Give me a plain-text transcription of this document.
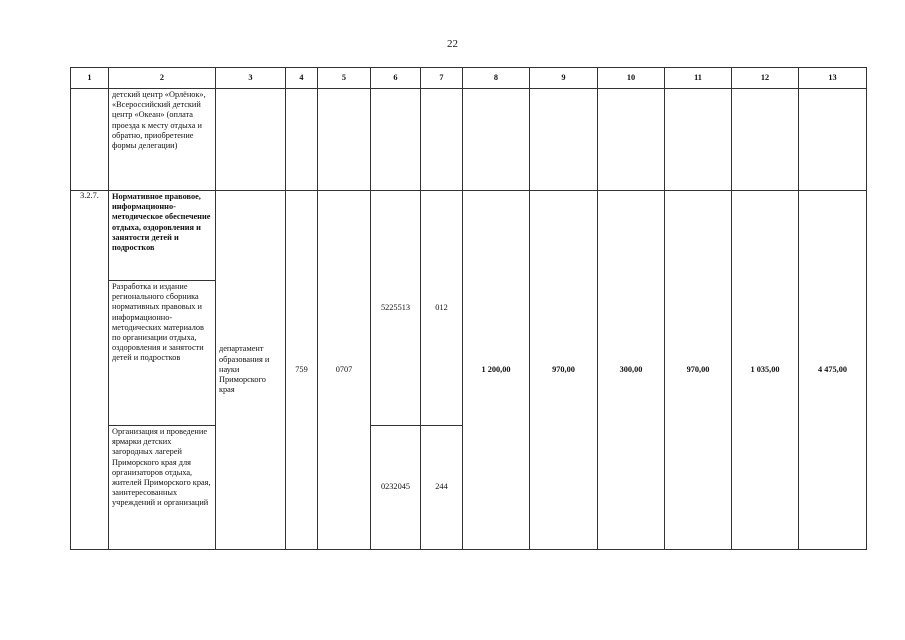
22
1	2	3	4	5	6	7	8	9	10	11	12	13
	детский центр «Орлёнок», «Всероссийский детский центр «Океан» (оплата проезда к месту отдыха и обратно, приобретение формы делегации)											
3.2.7.	Нормативное правовое, информационно-методическое обеспечение отдыха, оздоровления и занятости детей и подростков	департамент образования и науки Приморского края	759	0707	5225513	012	1 200,00	970,00	300,00	970,00	1 035,00	4 475,00
	Разработка и издание регионального сборника нормативных правовых и информационно-методических материалов по организации отдыха, оздоровления и занятости детей и подростков											
	Организация и проведение ярмарки детских загородных лагерей Приморского края для организаторов отдыха, жителей Приморского края, заинтересованных учреждений и организаций				0232045	244						
